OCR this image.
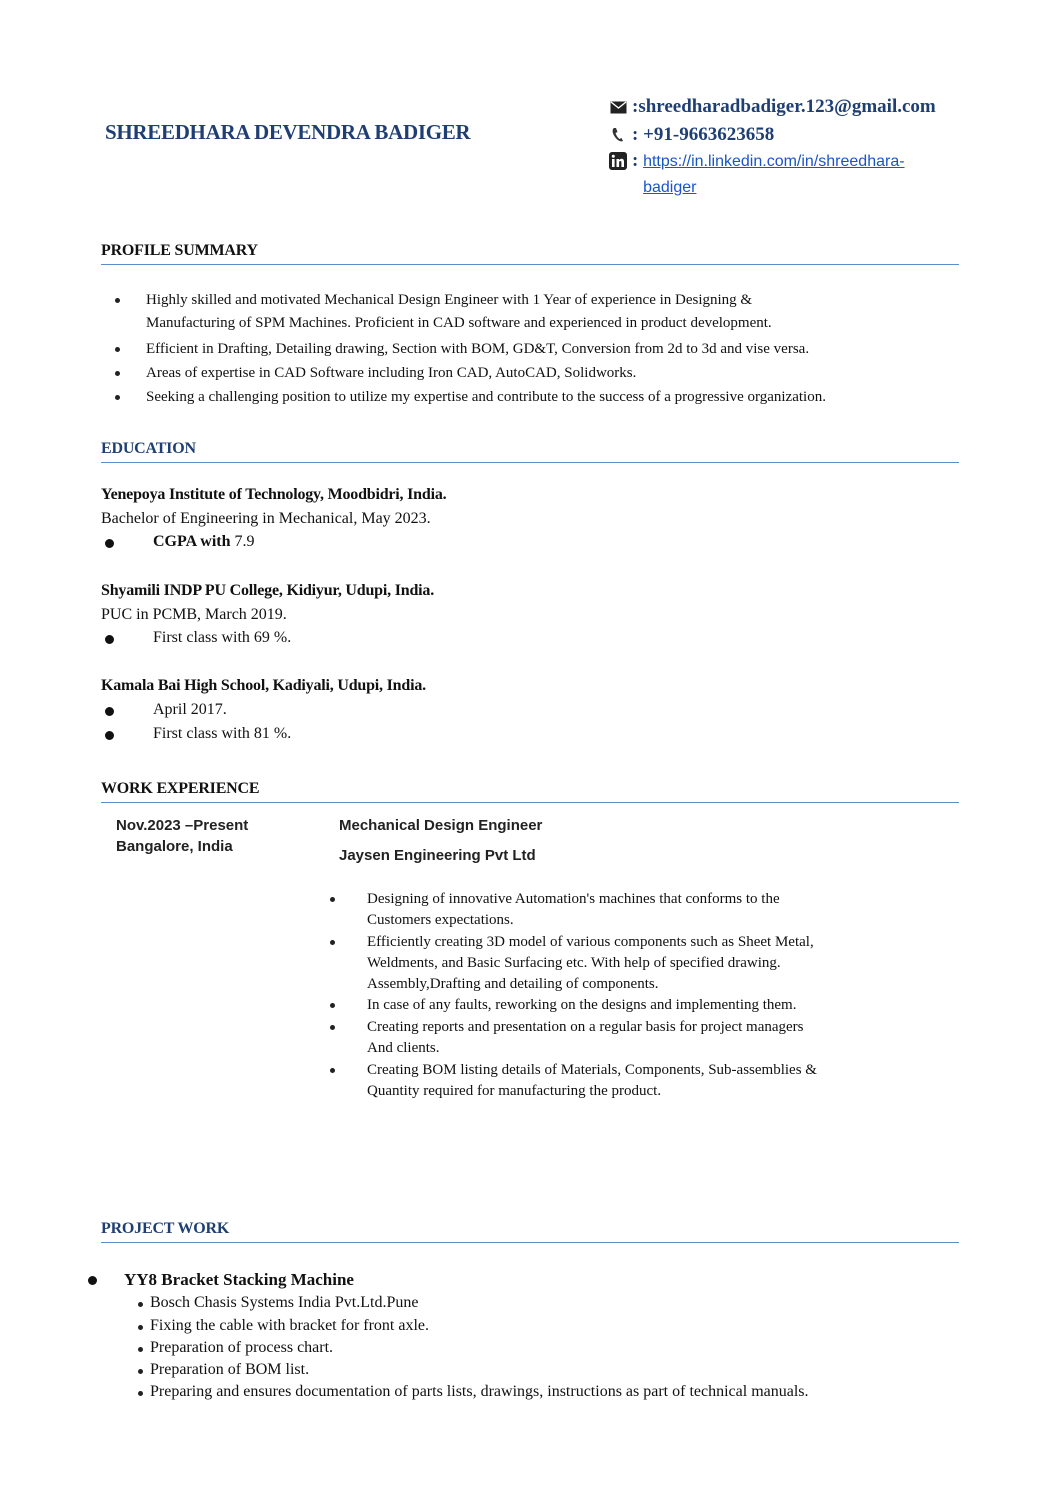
SHREEDHARA DEVENDRA BADIGER
:shreedharadbadiger.123@gmail.com
: +91-9663623658
: https://in.linkedin.com/in/shreedhara-
badiger
PROFILE SUMMARY
Highly skilled and motivated Mechanical Design Engineer with 1 Year of experience in Designing &
Manufacturing of SPM Machines. Proficient in CAD software and experienced in product development.
Efficient in Drafting, Detailing drawing, Section with BOM, GD&T, Conversion from 2d to 3d and vise versa.
Areas of expertise in CAD Software including Iron CAD, AutoCAD, Solidworks.
Seeking a challenging position to utilize my expertise and contribute to the success of a progressive organization.
EDUCATION
Yenepoya Institute of Technology, Moodbidri, India.
Bachelor of Engineering in Mechanical, May 2023.
CGPA with 7.9
Shyamili INDP PU College, Kidiyur, Udupi, India.
PUC in PCMB, March 2019.
First class with 69 %.
Kamala Bai High School, Kadiyali, Udupi, India.
April 2017.
First class with 81 %.
WORK EXPERIENCE
Nov.2023 –Present
Bangalore, India
Mechanical Design Engineer
Jaysen Engineering Pvt Ltd
Designing of innovative Automation's machines that conforms to the
Customers expectations.
Efficiently creating 3D model of various components such as Sheet Metal,
Weldments, and Basic Surfacing etc. With help of specified drawing.
Assembly,Drafting and detailing of components.
In case of any faults, reworking on the designs and implementing them.
Creating reports and presentation on a regular basis for project managers
And clients.
Creating BOM listing details of Materials, Components, Sub-assemblies &
Quantity required for manufacturing the product.
PROJECT WORK
YY8 Bracket Stacking Machine
Bosch Chasis Systems India Pvt.Ltd.Pune
Fixing the cable with bracket for front axle.
Preparation of process chart.
Preparation of BOM list.
Preparing and ensures documentation of parts lists, drawings, instructions as part of technical manuals.
